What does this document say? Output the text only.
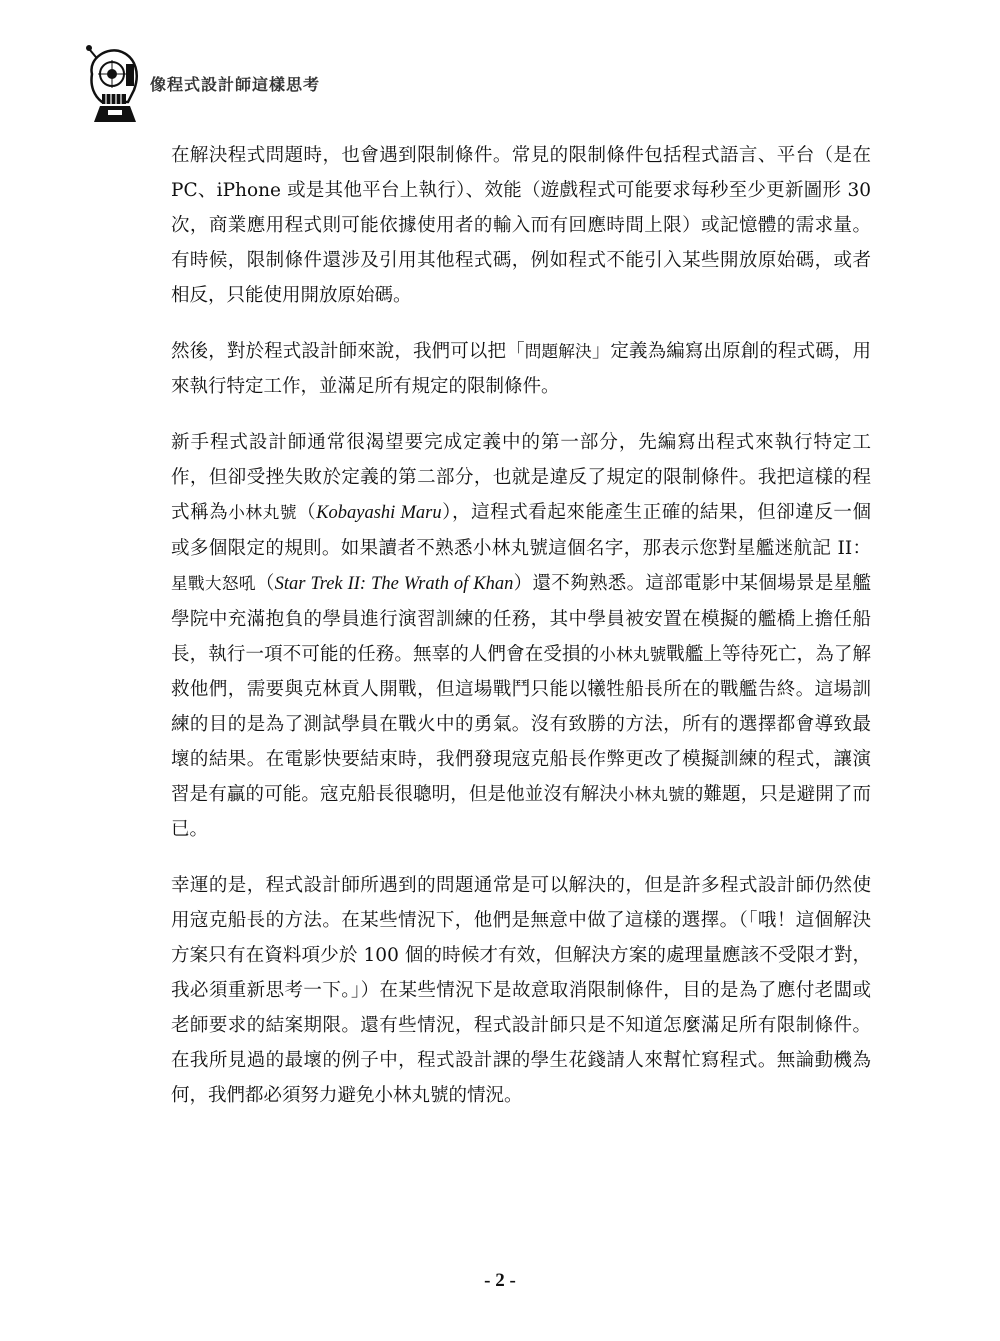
像程式設計師這樣思考

在解決程式問題時，也會遇到限制條件。常見的限制條件包括程式語言、平台（是在 PC、iPhone 或是其他平台上執行）、效能（遊戲程式可能要求每秒至少更新圖形 30 次，商業應用程式則可能依據使用者的輸入而有回應時間上限）或記憶體的需求量。有時候，限制條件還涉及引用其他程式碼，例如程式不能引入某些開放原始碼，或者相反，只能使用開放原始碼。

然後，對於程式設計師來說，我們可以把「問題解決」定義為編寫出原創的程式碼，用來執行特定工作，並滿足所有規定的限制條件。

新手程式設計師通常很渴望要完成定義中的第一部分，先編寫出程式來執行特定工作，但卻受挫失敗於定義的第二部分，也就是違反了規定的限制條件。我把這樣的程式稱為小林丸號（Kobayashi Maru），這程式看起來能產生正確的結果，但卻違反一個或多個限定的規則。如果讀者不熟悉小林丸號這個名字，那表示您對星艦迷航記 II：星戰大怒吼（Star Trek II: The Wrath of Khan）還不夠熟悉。這部電影中某個場景是星艦學院中充滿抱負的學員進行演習訓練的任務，其中學員被安置在模擬的艦橋上擔任船長，執行一項不可能的任務。無辜的人們會在受損的小林丸號戰艦上等待死亡，為了解救他們，需要與克林貢人開戰，但這場戰鬥只能以犧牲船長所在的戰艦告終。這場訓練的目的是為了測試學員在戰火中的勇氣。沒有致勝的方法，所有的選擇都會導致最壞的結果。在電影快要結束時，我們發現寇克船長作弊更改了模擬訓練的程式，讓演習是有贏的可能。寇克船長很聰明，但是他並沒有解決小林丸號的難題，只是避開了而已。

幸運的是，程式設計師所遇到的問題通常是可以解決的，但是許多程式設計師仍然使用寇克船長的方法。在某些情況下，他們是無意中做了這樣的選擇。（「哦！這個解決方案只有在資料項少於 100 個的時候才有效，但解決方案的處理量應該不受限才對，我必須重新思考一下。」）在某些情況下是故意取消限制條件，目的是為了應付老闆或老師要求的結案期限。還有些情況，程式設計師只是不知道怎麼滿足所有限制條件。在我所見過的最壞的例子中，程式設計課的學生花錢請人來幫忙寫程式。無論動機為何，我們都必須努力避免小林丸號的情況。

- 2 -
